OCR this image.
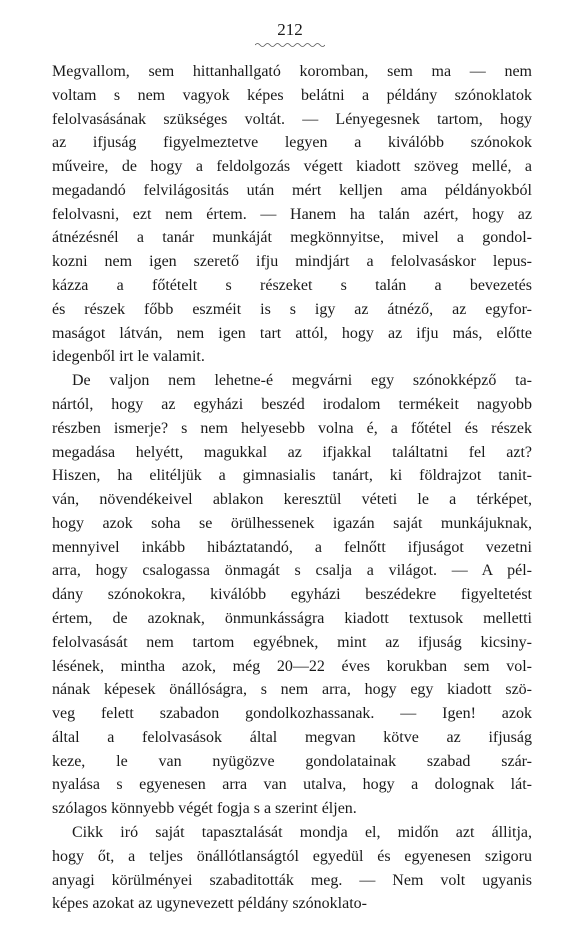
212
Megvallom, sem hittanhallgató koromban, sem ma — nem
voltam s nem vagyok képes belátni a példány szónoklatok
felolvasásának szükséges voltát. — Lényegesnek tartom, hogy
az ifjuság figyelmeztetve legyen a kiválóbb szónokok
műveire, de hogy a feldolgozás végett kiadott szöveg mellé, a
megadandó felvilágositás után mért kelljen ama példányokból
felolvasni, ezt nem értem. — Hanem ha talán azért, hogy az
átnézésnél a tanár munkáját megkönnyitse, mivel a gondol-
kozni nem igen szerető ifju mindjárt a felolvasáskor lepus-
kázza a főtételt s részeket s talán a bevezetés
és részek főbb eszméit is s igy az átnéző, az egyfor-
maságot látván, nem igen tart attól, hogy az ifju más, előtte
idegenből irt le valamit.
De valjon nem lehetne-é megvárni egy szónokképző ta-
nártól, hogy az egyházi beszéd irodalom termékeit nagyobb
részben ismerje? s nem helyesebb volna é, a főtétel és részek
megadása helyétt, magukkal az ifjakkal találtatni fel azt?
Hiszen, ha elitéljük a gimnasialis tanárt, ki földrajzot tanit-
ván, növendékeivel ablakon keresztül véteti le a térképet,
hogy azok soha se örülhessenek igazán saját munkájuknak,
mennyivel inkább hibáztatandó, a felnőtt ifjuságot vezetni
arra, hogy csalogassa önmagát s csalja a világot. — A pél-
dány szónokokra, kiválóbb egyházi beszédekre figyeltetést
értem, de azoknak, önmunkásságra kiadott textusok melletti
felolvasását nem tartom egyébnek, mint az ifjuság kicsiny-
lésének, mintha azok, még 20—22 éves korukban sem vol-
nának képesek önállóságra, s nem arra, hogy egy kiadott szö-
veg felett szabadon gondolkozhassanak. — Igen! azok
által a felolvasások által megvan kötve az ifjuság
keze, le van nyügözve gondolatainak szabad szár-
nyalása s egyenesen arra van utalva, hogy a dolognak lát-
szólagos könnyebb végét fogja s a szerint éljen.
Cikk iró saját tapasztalását mondja el, midőn azt állitja,
hogy őt, a teljes önállótlanságtól egyedül és egyenesen szigoru
anyagi körülményei szabaditották meg. — Nem volt ugyanis
képes azokat az ugynevezett példány szónoklato-
